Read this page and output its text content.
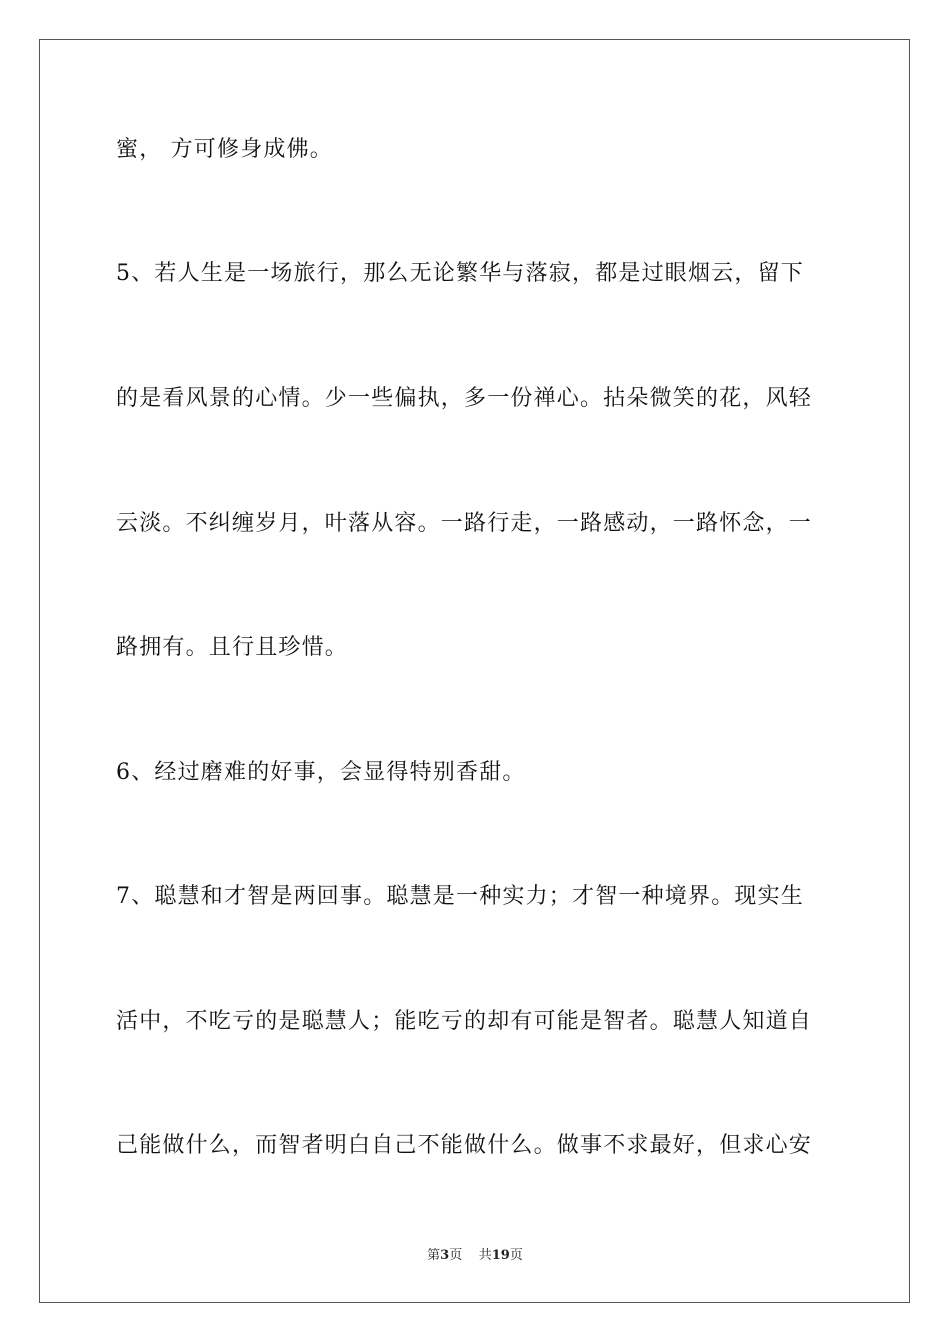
蜜， 方可修身成佛。
5、若人生是一场旅行，那么无论繁华与落寂，都是过眼烟云，留下
的是看风景的心情。少一些偏执，多一份禅心。拈朵微笑的花，风轻
云淡。不纠缠岁月，叶落从容。一路行走，一路感动，一路怀念，一
路拥有。且行且珍惜。
6、经过磨难的好事，会显得特别香甜。
7、聪慧和才智是两回事。聪慧是一种实力；才智一种境界。现实生
活中，不吃亏的是聪慧人；能吃亏的却有可能是智者。聪慧人知道自
己能做什么，而智者明白自己不能做什么。做事不求最好，但求心安
第3页 共19页
